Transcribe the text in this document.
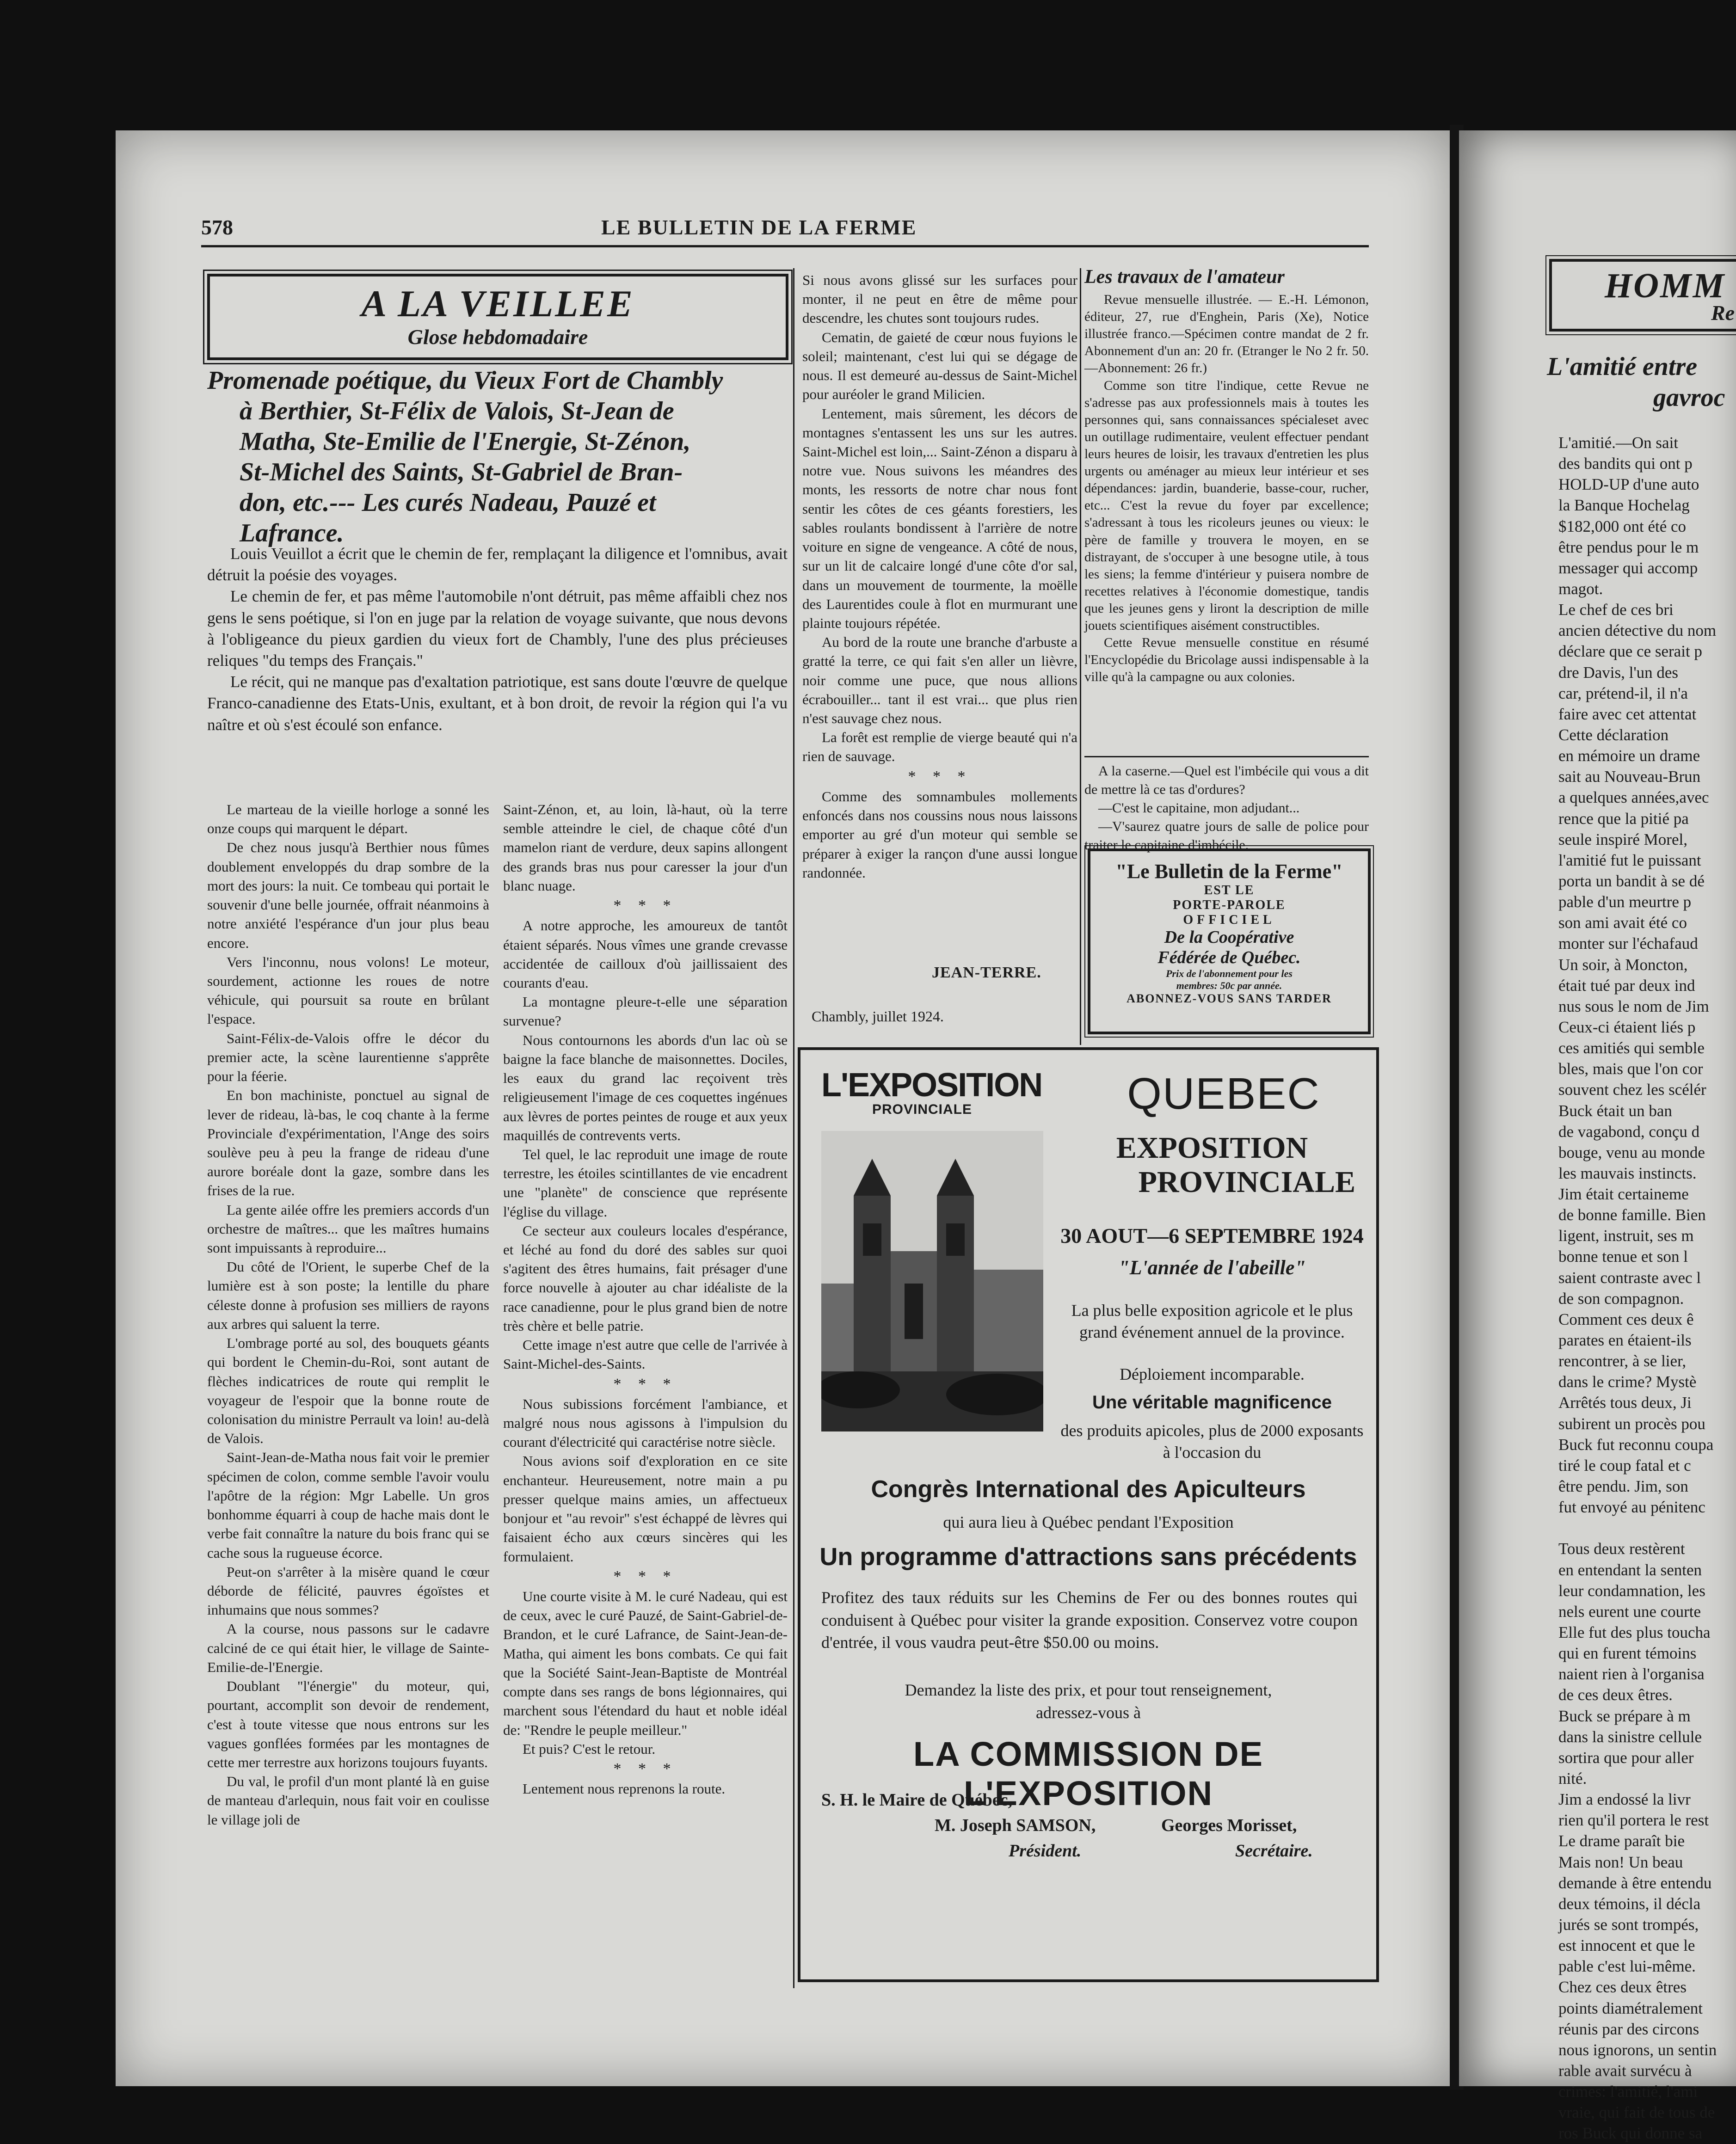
578	LE BULLETIN DE LA FERME
A LA VEILLEE
Glose hebdomadaire

Promenade poétique, du Vieux Fort de Chambly

à Berthier, St-Félix de Valois, St-Jean de

Matha, Ste-Emilie de l'Energie, St-Zénon,

St-Michel des Saints, St-Gabriel de Bran-

don, etc.--- Les curés Nadeau, Pauzé et

Lafrance.

Louis Veuillot a écrit que le chemin de fer, remplaçant la diligence et l'omnibus, avait détruit la poésie des voyages.

Le chemin de fer, et pas même l'automobile n'ont détruit, pas même affaibli chez nos gens le sens poétique, si l'on en juge par la relation de voyage suivante, que nous devons à l'obligeance du pieux gardien du vieux fort de Chambly, l'une des plus précieuses reliques "du temps des Français."

Le récit, qui ne manque pas d'exaltation patriotique, est sans doute l'œuvre de quelque Franco-canadienne des Etats-Unis, exultant, et à bon droit, de revoir la région qui l'a vu naître et où s'est écoulé son enfance.

Le marteau de la vieille horloge a sonné les onze coups qui marquent le départ.

De chez nous jusqu'à Berthier nous fûmes doublement enveloppés du drap sombre de la mort des jours: la nuit. Ce tombeau qui portait le souvenir d'une belle journée, offrait néanmoins à notre anxiété l'espérance d'un jour plus beau encore.

Vers l'inconnu, nous volons! Le moteur, sourdement, actionne les roues de notre véhicule, qui poursuit sa route en brûlant l'espace.

Saint-Félix-de-Valois offre le décor du premier acte, la scène laurentienne s'apprête pour la féerie.

En bon machiniste, ponctuel au signal de lever de rideau, là-bas, le coq chante à la ferme Provinciale d'expérimentation, l'Ange des soirs soulève peu à peu la frange de rideau d'une aurore boréale dont la gaze, sombre dans les frises de la rue.

La gente ailée offre les premiers accords d'un orchestre de maîtres... que les maîtres humains sont impuissants à reproduire...

Du côté de l'Orient, le superbe Chef de la lumière est à son poste; la lentille du phare céleste donne à profusion ses milliers de rayons aux arbres qui saluent la terre.

L'ombrage porté au sol, des bouquets géants qui bordent le Chemin-du-Roi, sont autant de flèches indicatrices de route qui remplit le voyageur de l'espoir que la bonne route de colonisation du ministre Perrault va loin! au-delà de Valois.

Saint-Jean-de-Matha nous fait voir le premier spécimen de colon, comme semble l'avoir voulu l'apôtre de la région: Mgr Labelle. Un gros bonhomme équarri à coup de hache mais dont le verbe fait connaître la nature du bois franc qui se cache sous la rugueuse écorce.

Peut-on s'arrêter à la misère quand le cœur déborde de félicité, pauvres égoïstes et inhumains que nous sommes?

A la course, nous passons sur le cadavre calciné de ce qui était hier, le village de Sainte-Emilie-de-l'Energie.

Doublant "l'énergie" du moteur, qui, pourtant, accomplit son devoir de rendement, c'est à toute vitesse que nous entrons sur les vagues gonflées formées par les montagnes de cette mer terrestre aux horizons toujours fuyants.

Du val, le profil d'un mont planté là en guise de manteau d'arlequin, nous fait voir en coulisse le village joli de

Saint-Zénon, et, au loin, là-haut, où la terre semble atteindre le ciel, de chaque côté d'un mamelon riant de verdure, deux sapins allongent des grands bras nus pour caresser la jour d'un blanc nuage.

* * *

A notre approche, les amoureux de tantôt étaient séparés. Nous vîmes une grande crevasse accidentée de cailloux d'où jaillissaient des courants d'eau.

La montagne pleure-t-elle une séparation survenue?

Nous contournons les abords d'un lac où se baigne la face blanche de maisonnettes. Dociles, les eaux du grand lac reçoivent très religieusement l'image de ces coquettes ingénues aux lèvres de portes peintes de rouge et aux yeux maquillés de contrevents verts.

Tel quel, le lac reproduit une image de route terrestre, les étoiles scintillantes de vie encadrent une "planète" de conscience que représente l'église du village.

Ce secteur aux couleurs locales d'espérance, et léché au fond du doré des sables sur quoi s'agitent des êtres humains, fait présager d'une force nouvelle à ajouter au char idéaliste de la race canadienne, pour le plus grand bien de notre très chère et belle patrie.

Cette image n'est autre que celle de l'arrivée à Saint-Michel-des-Saints.

* * *

Nous subissions forcément l'ambiance, et malgré nous nous agissons à l'impulsion du courant d'électricité qui caractérise notre siècle.

Nous avions soif d'exploration en ce site enchanteur. Heureusement, notre main a pu presser quelque mains amies, un affectueux bonjour et "au revoir" s'est échappé de lèvres qui faisaient écho aux cœurs sincères qui les formulaient.

* * *

Une courte visite à M. le curé Nadeau, qui est de ceux, avec le curé Pauzé, de Saint-Gabriel-de-Brandon, et le curé Lafrance, de Saint-Jean-de-Matha, qui aiment les bons combats. Ce qui fait que la Société Saint-Jean-Baptiste de Montréal compte dans ses rangs de bons légionnaires, qui marchent sous l'étendard du haut et noble idéal de: "Rendre le peuple meilleur."

Et puis? C'est le retour.

* * *

Lentement nous reprenons la route.

Si nous avons glissé sur les surfaces pour monter, il ne peut en être de même pour descendre, les chutes sont toujours rudes.

Cematin, de gaieté de cœur nous fuyions le soleil; maintenant, c'est lui qui se dégage de nous. Il est demeuré au-dessus de Saint-Michel pour auréoler le grand Milicien.

Lentement, mais sûrement, les décors de montagnes s'entassent les uns sur les autres. Saint-Michel est loin,... Saint-Zénon a disparu à notre vue. Nous suivons les méandres des monts, les ressorts de notre char nous font sentir les côtes de ces géants forestiers, les sables roulants bondissent à l'arrière de notre voiture en signe de vengeance. A côté de nous, sur un lit de calcaire longé d'une côte d'or sal, dans un mouvement de tourmente, la moëlle des Laurentides coule à flot en murmurant une plainte toujours répétée.

Au bord de la route une branche d'arbuste a gratté la terre, ce qui fait s'en aller un lièvre, noir comme une puce, que nous allions écrabouiller... tant il est vrai... que plus rien n'est sauvage chez nous.

La forêt est remplie de vierge beauté qui n'a rien de sauvage.

* * *

Comme des somnambules mollements enfoncés dans nos coussins nous nous laissons emporter au gré d'un moteur qui semble se préparer à exiger la rançon d'une aussi longue randonnée.

JEAN-TERRE.
Chambly, juillet 1924.
Les travaux de l'amateur

Revue mensuelle illustrée. — E.-H. Lémonon, éditeur, 27, rue d'Enghein, Paris (Xe), Notice illustrée franco.—Spécimen contre mandat de 2 fr. Abonnement d'un an: 20 fr. (Etranger le No 2 fr. 50.—Abonnement: 26 fr.)

Comme son titre l'indique, cette Revue ne s'adresse pas aux professionnels mais à toutes les personnes qui, sans connaissances spécialeset avec un outillage rudimentaire, veulent effectuer pendant leurs heures de loisir, les travaux d'entretien les plus urgents ou aménager au mieux leur intérieur et ses dépendances: jardin, buanderie, basse-cour, rucher, etc... C'est la revue du foyer par excellence; s'adressant à tous les ricoleurs jeunes ou vieux: le père de famille y trouvera le moyen, en se distrayant, de s'occuper à une besogne utile, à tous les siens; la femme d'intérieur y puisera nombre de recettes relatives à l'économie domestique, tandis que les jeunes gens y liront la description de mille jouets scientifiques aisément constructibles.

Cette Revue mensuelle constitue en résumé l'Encyclopédie du Bricolage aussi indispensable à la ville qu'à la campagne ou aux colonies.

A la caserne.—Quel est l'imbécile qui vous a dit de mettre là ce tas d'ordures?

—C'est le capitaine, mon adjudant...

—V'saurez quatre jours de salle de police pour traiter le capitaine d'imbécile.

"Le Bulletin de la Ferme"
EST LE
PORTE-PAROLE
OFFICIEL
De la Coopérative
Fédérée de Québec.
Prix de l'abonnement pour les
membres: 50c par année.
ABONNEZ-VOUS SANS TARDER
L'EXPOSITION
PROVINCIALE	QUEBEC
EXPOSITION
PROVINCIALE
30 AOUT—6 SEPTEMBRE 1924
"L'année de l'abeille"
La plus belle exposition agricole et le plus grand événement annuel de la province.
Déploiement incomparable.
Une véritable magnificence
des produits apicoles, plus de 2000 exposants à l'occasion du
Congrès International des Apiculteurs
qui aura lieu à Québec pendant l'Exposition
Un programme d'attractions sans précédents
Profitez des taux réduits sur les Chemins de Fer ou des bonnes routes qui conduisent à Québec pour visiter la grande exposition. Conservez votre coupon d'entrée, il vous vaudra peut-être $50.00 ou moins.
Demandez la liste des prix, et pour tout renseignement,
adressez-vous à
LA COMMISSION DE L'EXPOSITION
S. H. le Maire de Québec,
M. Joseph SAMSON,
Président.
Georges Morisset,
Secrétaire.
HOMM
Re

L'amitié entre

gavroc

L'amitié.—On sait

des bandits qui ont p

HOLD-UP d'une auto

la Banque Hochelag

$182,000 ont été co

être pendus pour le m

messager qui accomp

magot.

Le chef de ces bri

ancien détective du nom

déclare que ce serait p

dre Davis, l'un des

car, prétend-il, il n'a

faire avec cet attentat

Cette déclaration

en mémoire un drame

sait au Nouveau-Brun

a quelques années,avec

rence que la pitié pa

seule inspiré Morel,

l'amitié fut le puissant

porta un bandit à se dé

pable d'un meurtre p

son ami avait été co

monter sur l'échafaud

Un soir, à Moncton,

était tué par deux ind

nus sous le nom de Jim

Ceux-ci étaient liés p

ces amitiés qui semble

bles, mais que l'on cor

souvent chez les scélér

Buck était un ban

de vagabond, conçu d

bouge, venu au monde

les mauvais instincts.

Jim était certaineme

de bonne famille. Bien

ligent, instruit, ses m

bonne tenue et son l

saient contraste avec l

de son compagnon.

Comment ces deux ê

parates en étaient-ils

rencontrer, à se lier,

dans le crime? Mystè

Arrêtés tous deux, Ji

subirent un procès pou

Buck fut reconnu coupa

tiré le coup fatal et c

être pendu. Jim, son

fut envoyé au pénitenc

Tous deux restèrent

en entendant la senten

leur condamnation, les

nels eurent une courte

Elle fut des plus toucha

qui en furent témoins

naient rien à l'organisa

de ces deux êtres.

Buck se prépare à m

dans la sinistre cellule

sortira que pour aller

nité.

Jim a endossé la livr

rien qu'il portera le rest

Le drame paraît bie

Mais non! Un beau

demande à être entendu

deux témoins, il décla

jurés se sont trompés,

est innocent et que le

pable c'est lui-même.

Chez ces deux êtres

points diamétralement

réunis par des circons

nous ignorons, un sentin

rable avait survécu à

crimes: l'amitié, l'ami

vraie, qui fait de tous de

ros Buck qui donne sa
